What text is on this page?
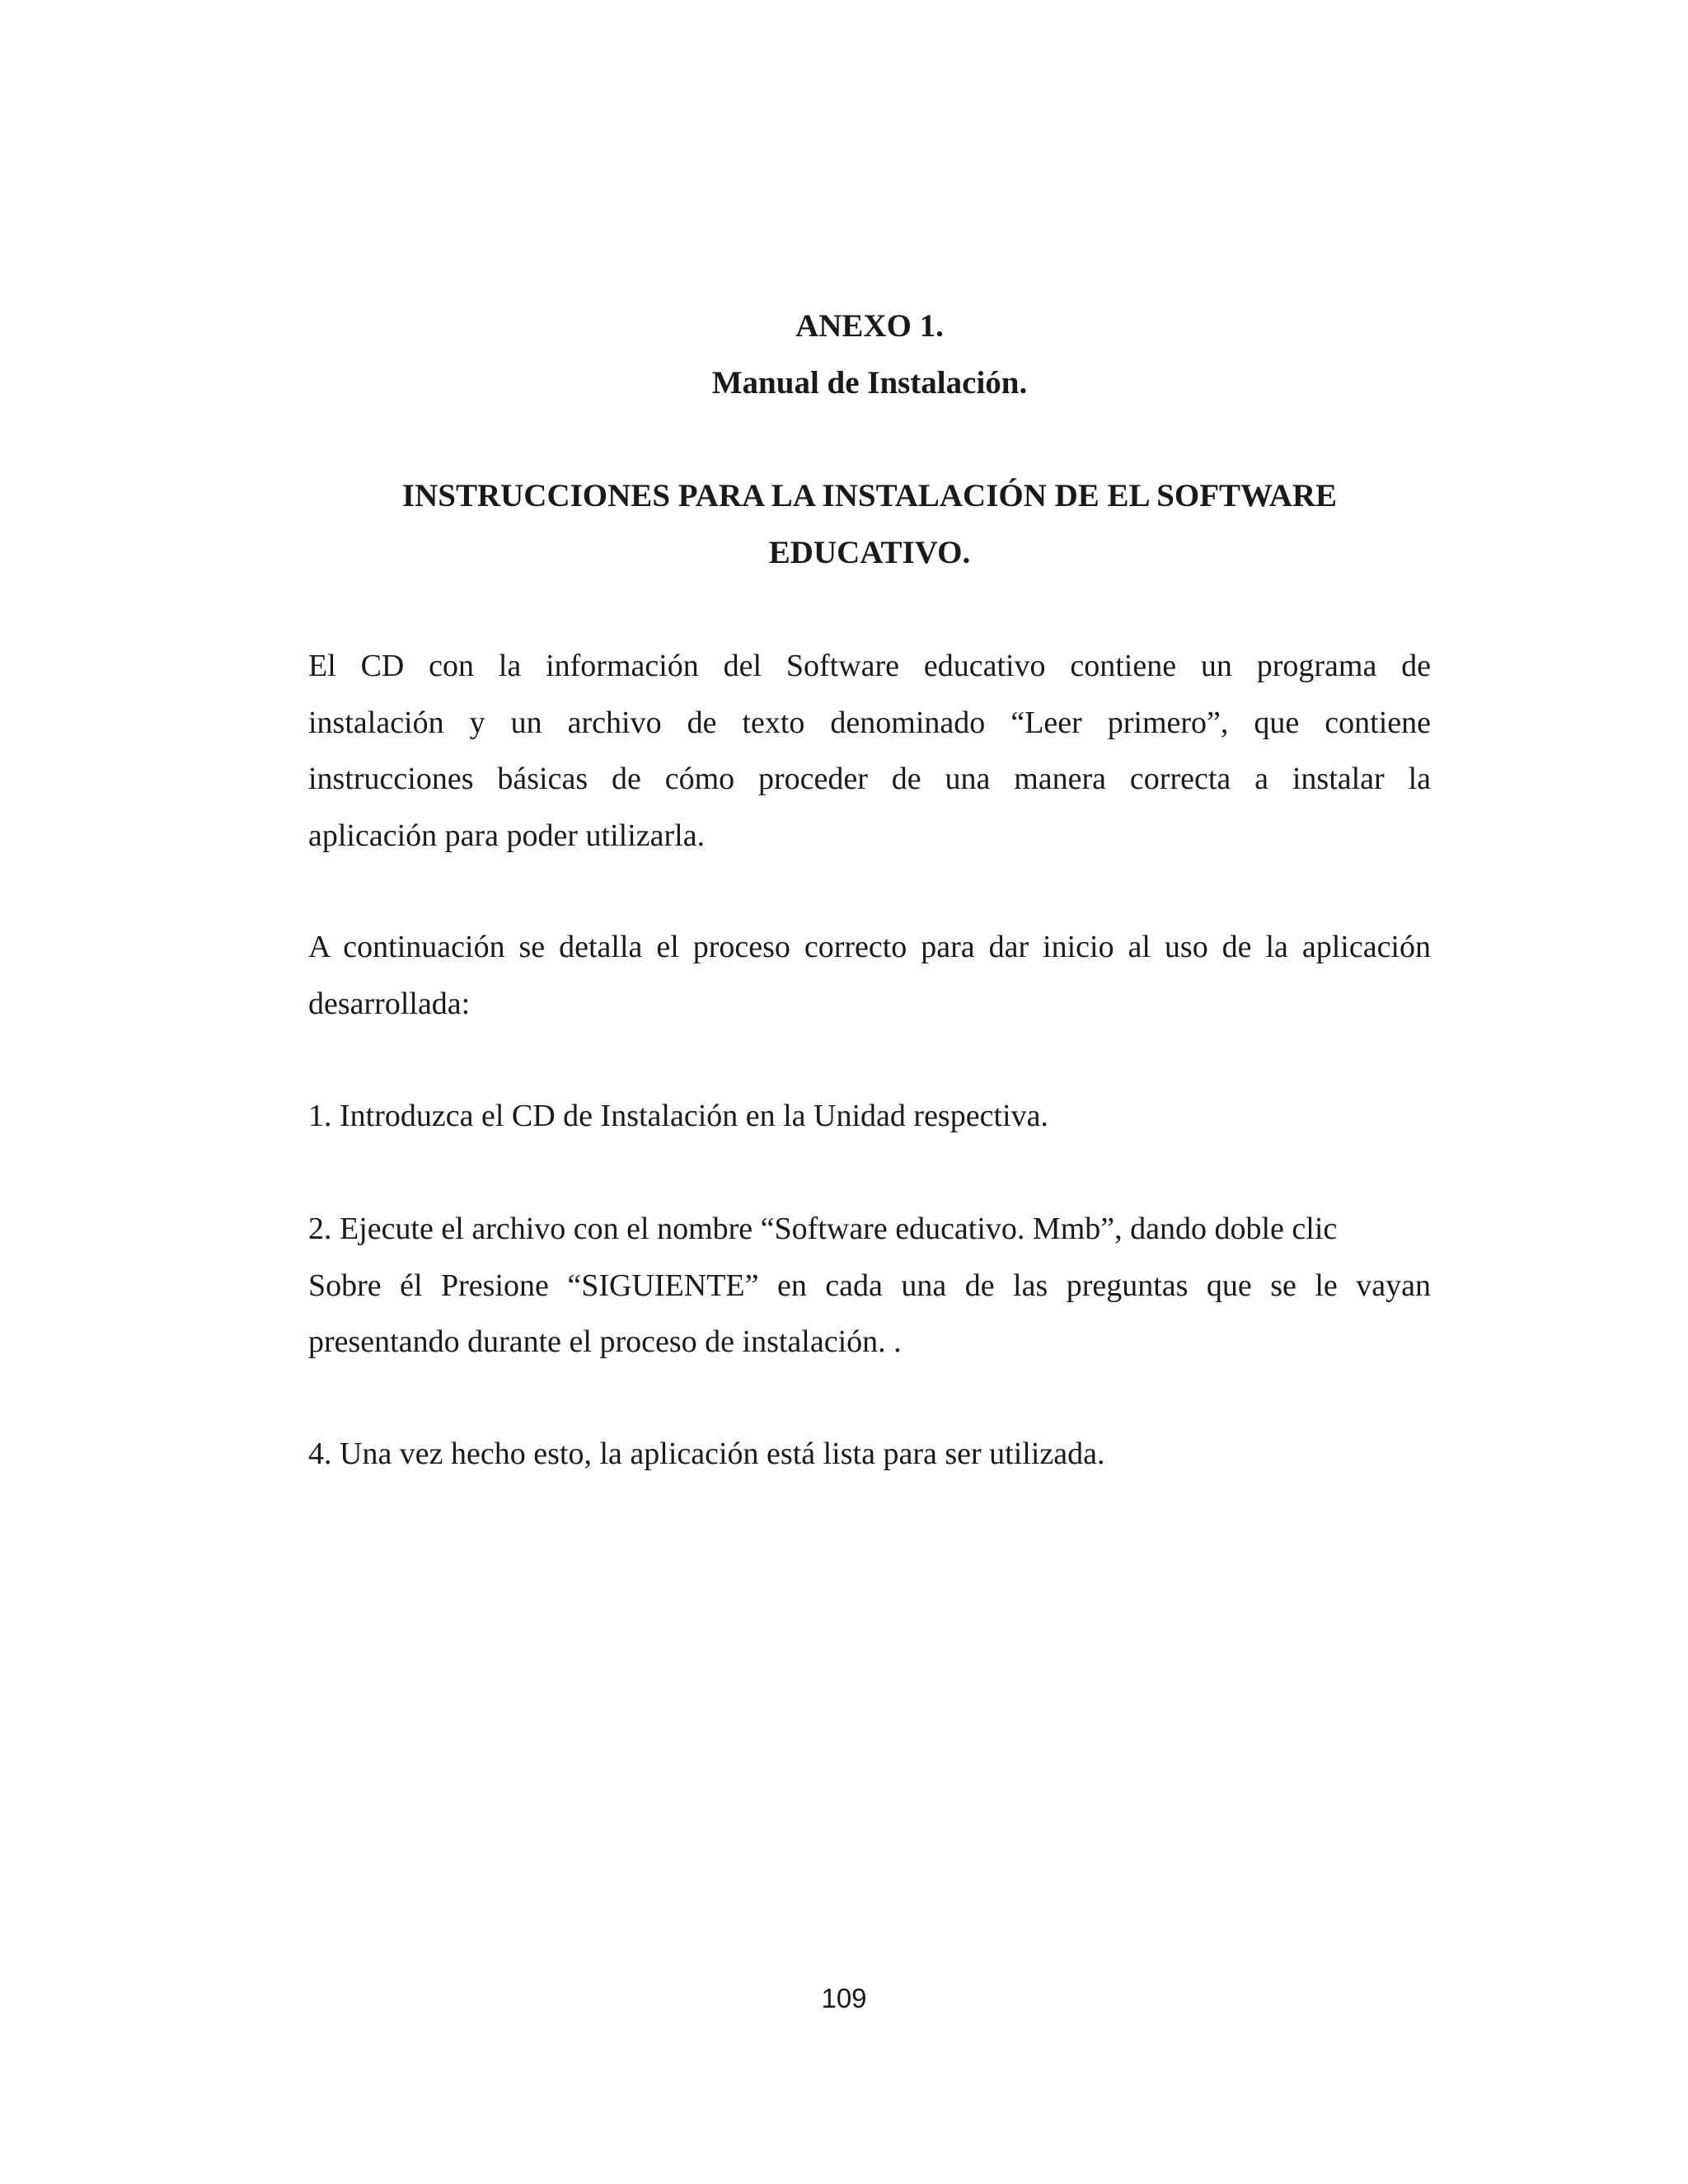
ANEXO 1.
Manual de Instalación.

INSTRUCCIONES PARA LA INSTALACIÓN DE EL SOFTWARE

EDUCATIVO.

El CD con la información del Software educativo contiene un programa de
instalación y un archivo de texto denominado “Leer primero”, que contiene
instrucciones básicas de cómo proceder de una manera correcta a instalar la
aplicación para poder utilizarla.

A continuación se detalla el proceso correcto para dar inicio al uso de la aplicación
desarrollada:

1. Introduzca el CD de Instalación en la Unidad respectiva.

2. Ejecute el archivo con el nombre “Software educativo. Mmb”, dando doble clic
Sobre él Presione “SIGUIENTE” en cada una de las preguntas que se le vayan
presentando durante el proceso de instalación. .

4. Una vez hecho esto, la aplicación está lista para ser utilizada.

109
